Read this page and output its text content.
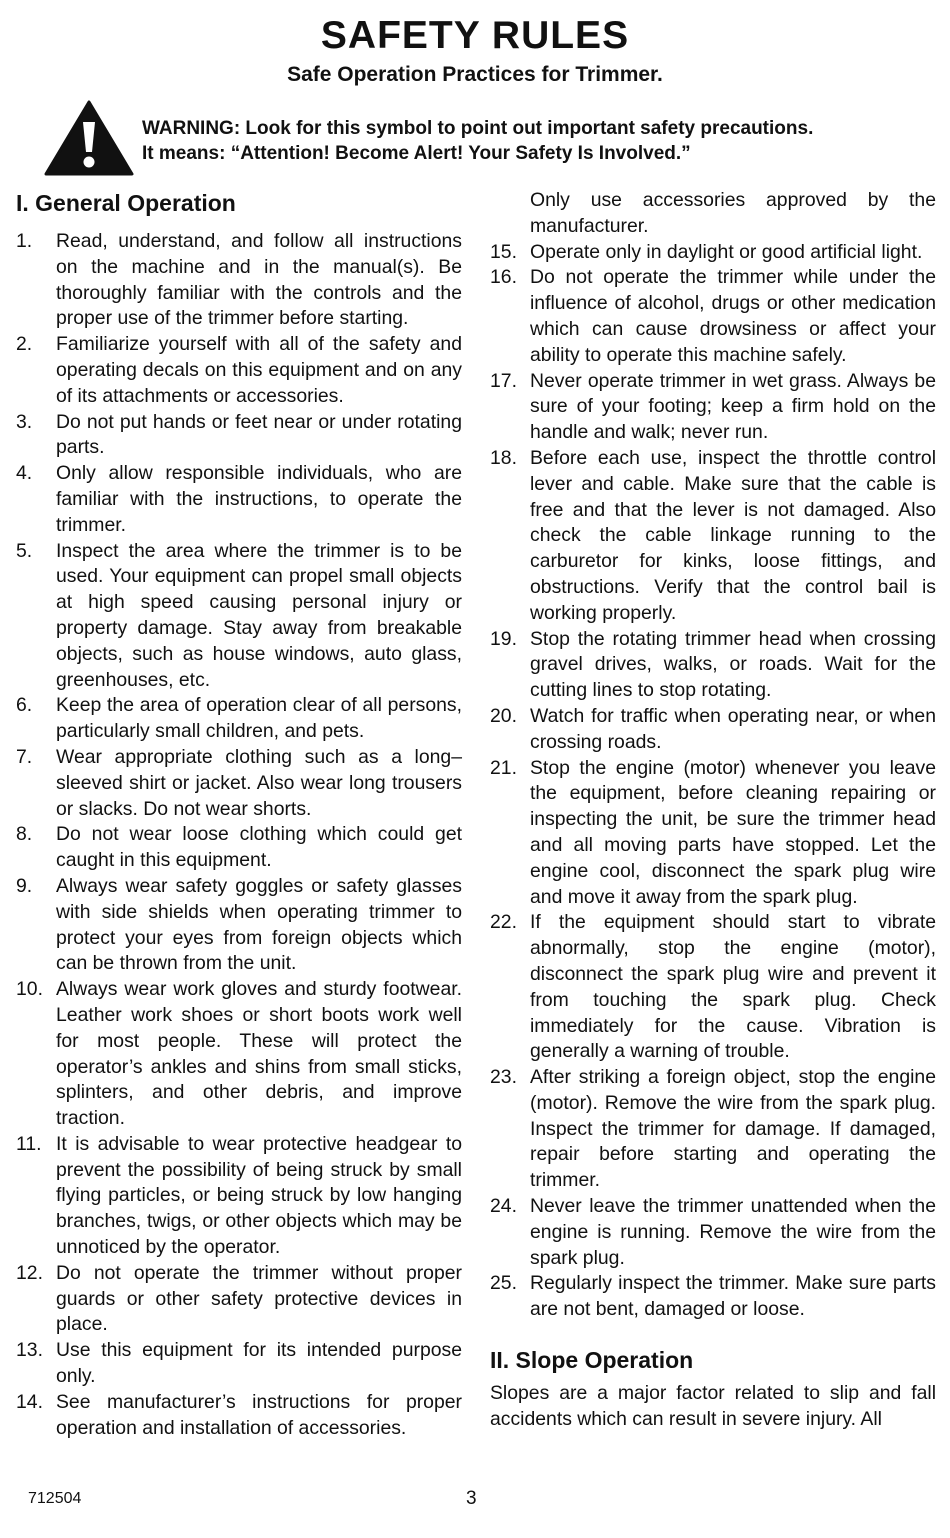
SAFETY RULES
Safe Operation Practices for Trimmer.
WARNING: Look for this symbol to point out important safety precautions.
It means: “Attention! Become Alert! Your Safety Is Involved.”
I. General Operation
1.	Read, understand, and follow all instructions on the machine and in the manual(s). Be thoroughly familiar with the controls and the proper use of the trimmer before starting.
2.	Familiarize yourself with all of the safety and operating decals on this equipment and on any of its attachments or accessories.
3.	Do not put hands or feet near or under rotating parts.
4.	Only allow responsible individuals, who are familiar with the instructions, to operate the trimmer.
5.	Inspect the area where the trimmer is to be used. Your equipment can propel small objects at high speed causing personal injury or property damage. Stay away from breakable objects, such as house windows, auto glass, greenhouses, etc.
6.	Keep the area of operation clear of all persons, particularly small children, and pets.
7.	Wear appropriate clothing such as a long–sleeved shirt or jacket. Also wear long trousers or slacks. Do not wear shorts.
8.	Do not wear loose clothing which could get caught in this equipment.
9.	Always wear safety goggles or safety glasses with side shields when operating trimmer to protect your eyes from foreign objects which can be thrown from the unit.
10. Always wear work gloves and sturdy footwear. Leather work shoes or short boots work well for most people. These will protect the operator’s ankles and shins from small sticks, splinters, and other debris, and improve traction.
11. It is advisable to wear protective headgear to prevent the possibility of being struck by small flying particles, or being struck by low hanging branches, twigs, or other objects which may be unnoticed by the operator.
12. Do not operate the trimmer without proper guards or other safety protective devices in place.
13. Use this equipment for its intended purpose only.
14. See manufacturer’s instructions for proper operation and installation of accessories.
Only use accessories approved by the manufacturer.
15. Operate only in daylight or good artificial light.
16. Do not operate the trimmer while under the influence of alcohol, drugs or other medication which can cause drowsiness or affect your ability to operate this machine safely.
17. Never operate trimmer in wet grass. Always be sure of your footing; keep a firm hold on the handle and walk; never run.
18. Before each use, inspect the throttle control lever and cable. Make sure that the cable is free and that the lever is not damaged. Also check the cable linkage running to the carburetor for kinks, loose fittings, and obstructions. Verify that the control bail is working properly.
19. Stop the rotating trimmer head when crossing gravel drives, walks, or roads. Wait for the cutting lines to stop rotating.
20. Watch for traffic when operating near, or when crossing roads.
21. Stop the engine (motor) whenever you leave the equipment, before cleaning repairing or inspecting the unit, be sure the trimmer head and all moving parts have stopped. Let the engine cool, disconnect the spark plug wire and move it away from the spark plug.
22. If the equipment should start to vibrate abnormally, stop the engine (motor), disconnect the spark plug wire and prevent it from touching the spark plug. Check immediately for the cause. Vibration is generally a warning of trouble.
23. After striking a foreign object, stop the engine (motor). Remove the wire from the spark plug. Inspect the trimmer for damage. If damaged, repair before starting and operating the trimmer.
24. Never leave the trimmer unattended when the engine is running. Remove the wire from the spark plug.
25. Regularly inspect the trimmer. Make sure parts are not bent, damaged or loose.
II. Slope Operation
Slopes are a major factor related to slip and fall accidents which can result in severe injury. All
712504	3
